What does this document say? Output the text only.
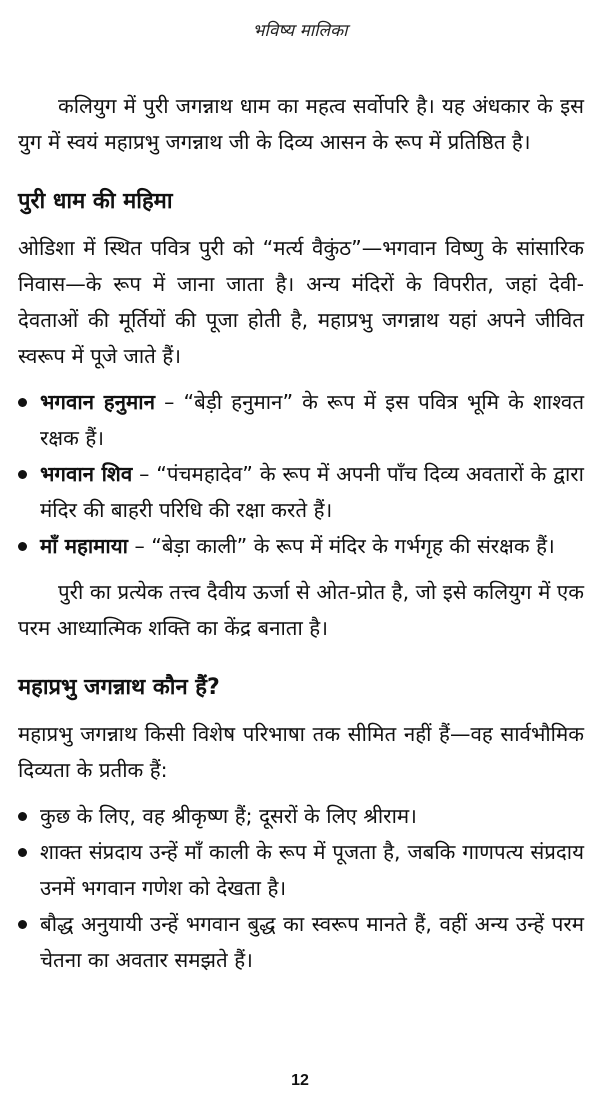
भविष्य मालिका

कलियुग में पुरी जगन्नाथ धाम का महत्व सर्वोपरि है। यह अंधकार के इस युग में स्वयं महाप्रभु जगन्नाथ जी के दिव्य आसन के रूप में प्रतिष्ठित है।

पुरी धाम की महिमा

ओडिशा में स्थित पवित्र पुरी को “मर्त्य वैकुंठ”—भगवान विष्णु के सांसारिक निवास—के रूप में जाना जाता है। अन्य मंदिरों के विपरीत, जहां देवी-देवताओं की मूर्तियों की पूजा होती है, महाप्रभु जगन्नाथ यहां अपने जीवित स्वरूप में पूजे जाते हैं।

भगवान हनुमान – “बेड़ी हनुमान” के रूप में इस पवित्र भूमि के शाश्वत रक्षक हैं।
भगवान शिव – “पंचमहादेव” के रूप में अपनी पाँच दिव्य अवतारों के द्वारा मंदिर की बाहरी परिधि की रक्षा करते हैं।
माँ महामाया – “बेड़ा काली” के रूप में मंदिर के गर्भगृह की संरक्षक हैं।

पुरी का प्रत्येक तत्त्व दैवीय ऊर्जा से ओत-प्रोत है, जो इसे कलियुग में एक परम आध्यात्मिक शक्ति का केंद्र बनाता है।

महाप्रभु जगन्नाथ कौन हैं?

महाप्रभु जगन्नाथ किसी विशेष परिभाषा तक सीमित नहीं हैं—वह सार्वभौमिक दिव्यता के प्रतीक हैं:

कुछ के लिए, वह श्रीकृष्ण हैं; दूसरों के लिए श्रीराम।
शाक्त संप्रदाय उन्हें माँ काली के रूप में पूजता है, जबकि गाणपत्य संप्रदाय उनमें भगवान गणेश को देखता है।
बौद्ध अनुयायी उन्हें भगवान बुद्ध का स्वरूप मानते हैं, वहीं अन्य उन्हें परम चेतना का अवतार समझते हैं।
12
